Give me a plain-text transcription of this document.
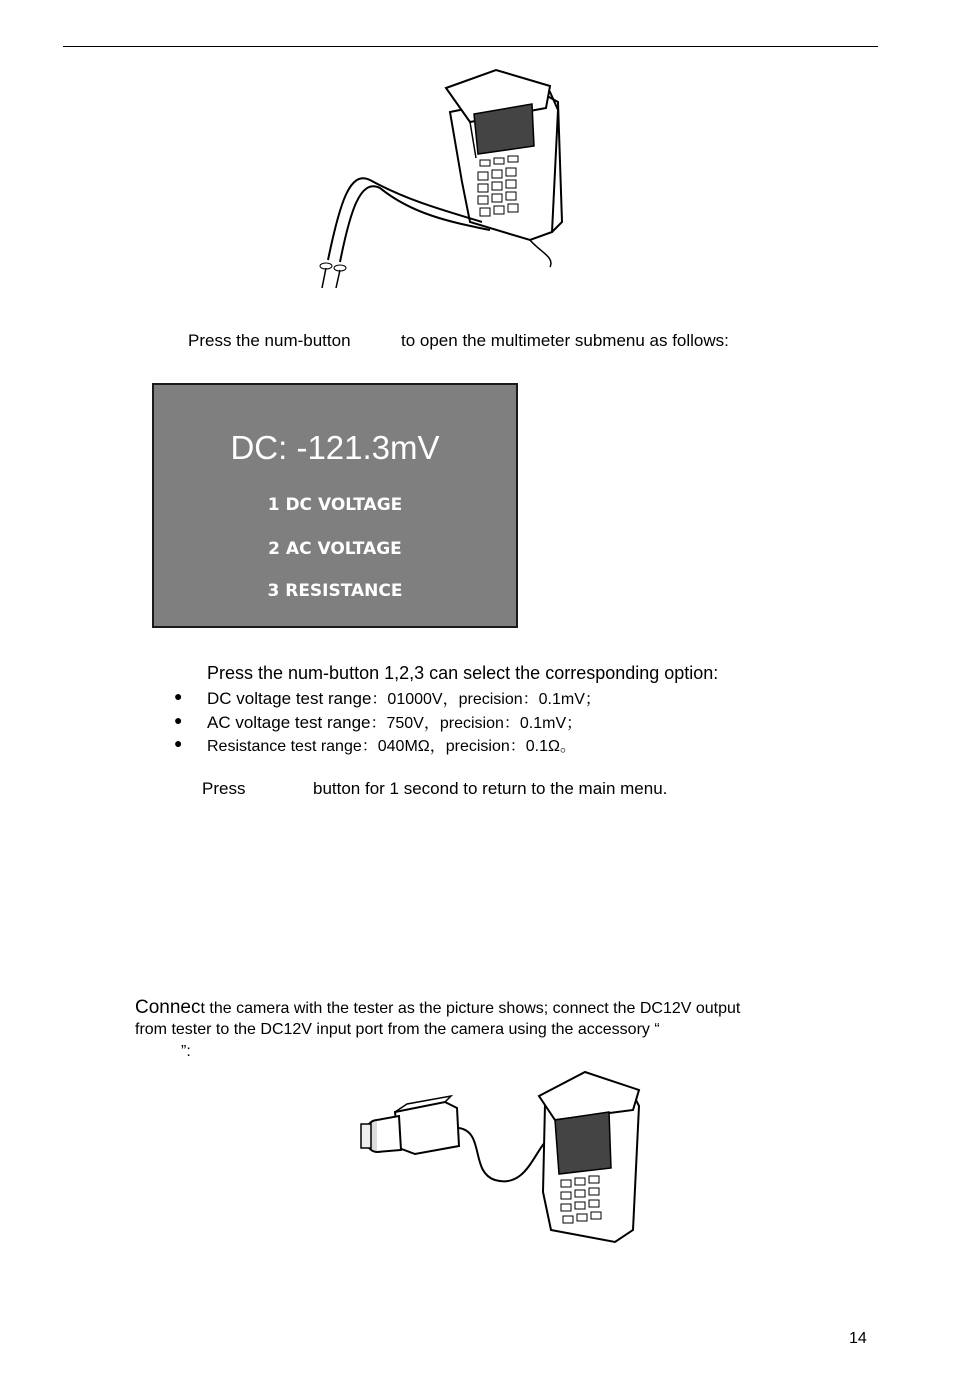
Press the num-button	to open the multimeter submenu as follows:
DC: -121.3mV
1 DC VOLTAGE
2 AC VOLTAGE
3 RESISTANCE
Press the num-button 1,2,3 can select the corresponding option:
● DC voltage test range：01000V，precision：0.1mV；
● AC voltage test range：750V，precision：0.1mV；
● Resistance test range：040MΩ，precision：0.1Ω。
Press	button for 1 second to return to the main menu.
Connect the camera with the tester as the picture shows; connect the DC12V output
from tester to the DC12V input port from the camera using the accessory “
”:
14
